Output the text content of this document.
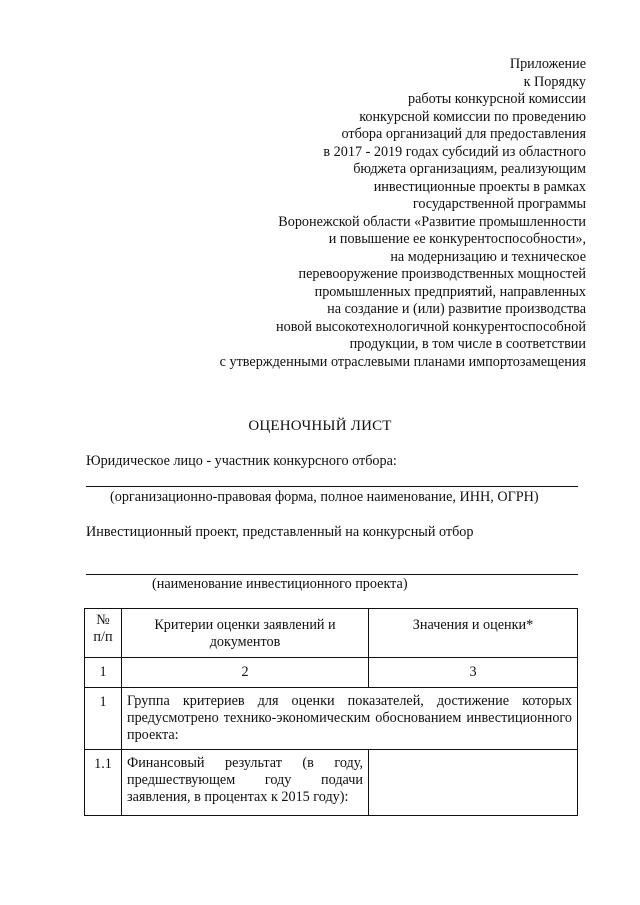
Приложение
к Порядку
работы конкурсной комиссии
конкурсной комиссии по проведению
отбора организаций для предоставления
в 2017 - 2019 годах субсидий из областного
бюджета организациям, реализующим
инвестиционные проекты в рамках
государственной программы
Воронежской области «Развитие промышленности
и повышение ее конкурентоспособности»,
на модернизацию и техническое
перевооружение производственных мощностей
промышленных предприятий, направленных
на создание и (или) развитие производства
новой высокотехнологичной конкурентоспособной
продукции, в том числе в соответствии
с утвержденными отраслевыми планами импортозамещения
ОЦЕНОЧНЫЙ ЛИСТ
Юридическое лицо - участник конкурсного отбора:
(организационно-правовая форма, полное наименование, ИНН, ОГРН)
Инвестиционный проект, представленный на конкурсный отбор
(наименование инвестиционного проекта)
№ п/п	Критерии оценки заявлений и документов	Значения и оценки*
1	2	3
1	Группа критериев для оценки показателей, достижение которых предусмотрено технико-экономическим обоснованием инвестиционного проекта:	
1.1	Финансовый результат (в году, предшествующем году подачи заявления, в процентах к 2015 году):	
